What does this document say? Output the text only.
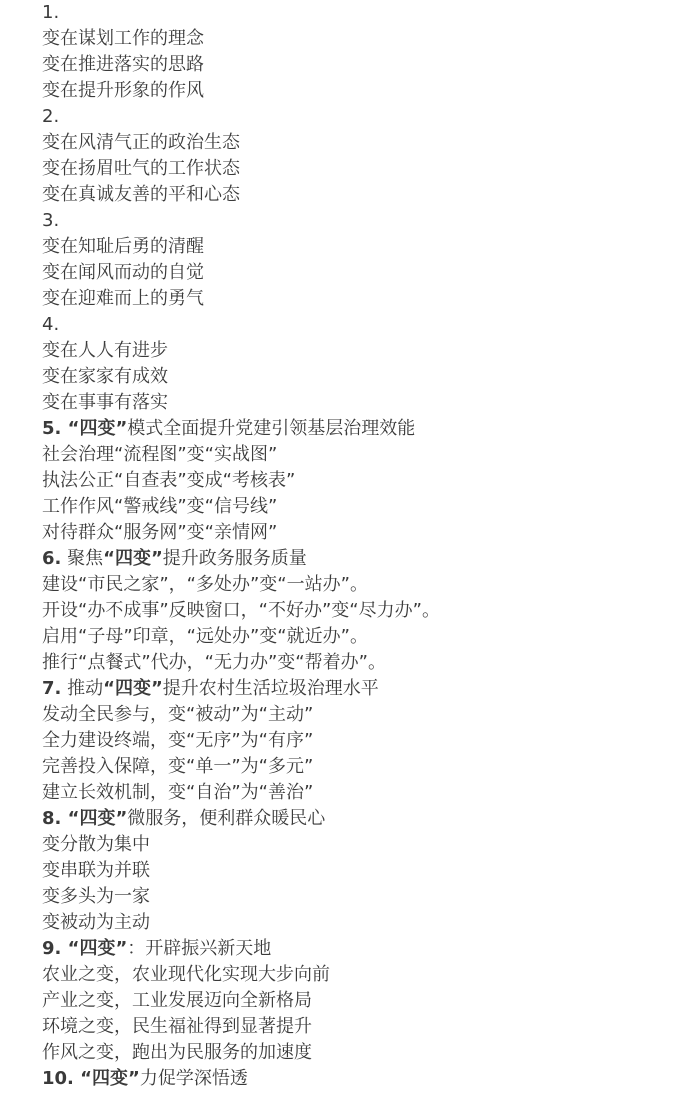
1.
变在谋划工作的理念
变在推进落实的思路
变在提升形象的作风
2.
变在风清气正的政治生态
变在扬眉吐气的工作状态
变在真诚友善的平和心态
3.
变在知耻后勇的清醒
变在闻风而动的自觉
变在迎难而上的勇气
4.
变在人人有进步
变在家家有成效
变在事事有落实
5. “四变”模式全面提升党建引领基层治理效能
社会治理“流程图”变“实战图”
执法公正“自查表”变成“考核表”
工作作风“警戒线”变“信号线”
对待群众“服务网”变“亲情网”
6. 聚焦“四变”提升政务服务质量
建设“市民之家”，“多处办”变“一站办”。
开设“办不成事”反映窗口，“不好办”变“尽力办”。
启用“子母”印章，“远处办”变“就近办”。
推行“点餐式”代办，“无力办”变“帮着办”。
7. 推动“四变”提升农村生活垃圾治理水平
发动全民参与，变“被动”为“主动”
全力建设终端，变“无序”为“有序”
完善投入保障，变“单一”为“多元”
建立长效机制，变“自治”为“善治”
8. “四变”微服务，便利群众暖民心
变分散为集中
变串联为并联
变多头为一家
变被动为主动
9. “四变”：开辟振兴新天地
农业之变，农业现代化实现大步向前
产业之变，工业发展迈向全新格局
环境之变，民生福祉得到显著提升
作风之变，跑出为民服务的加速度
10. “四变”力促学深悟透
